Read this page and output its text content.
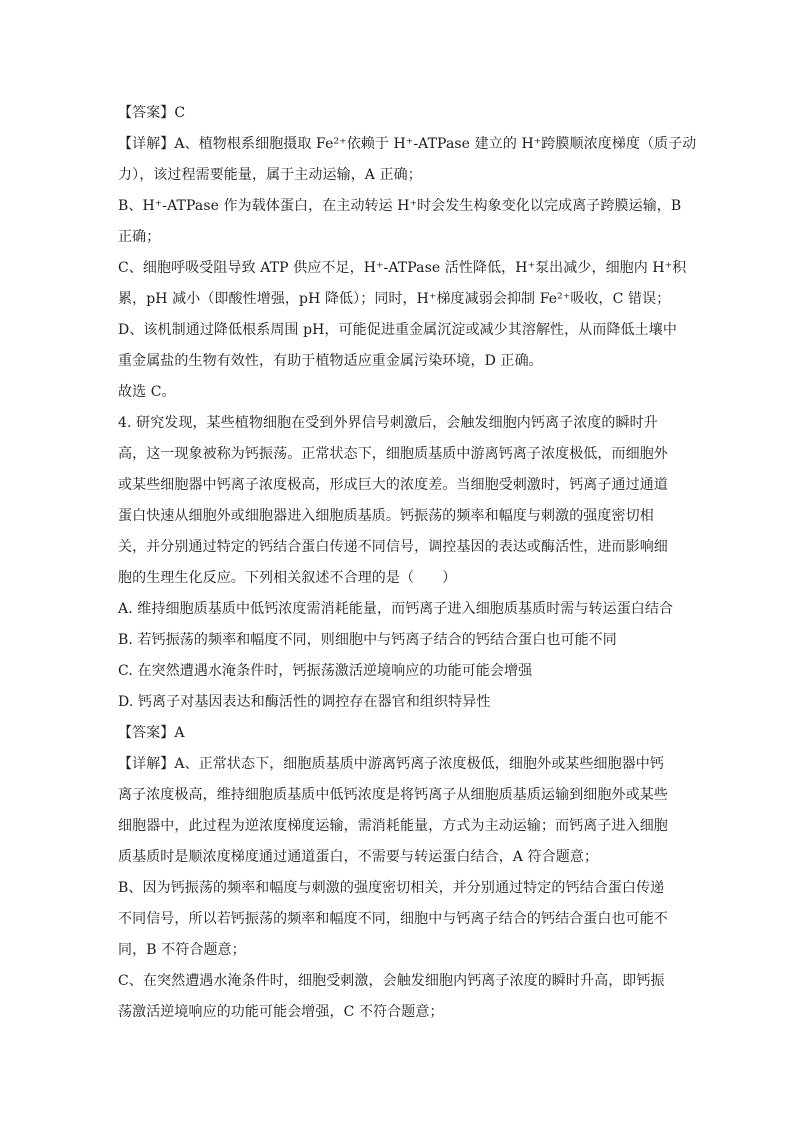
【答案】C
【详解】A、植物根系细胞摄取 Fe²⁺依赖于 H⁺-ATPase 建立的 H⁺跨膜顺浓度梯度（质子动
力），该过程需要能量，属于主动运输，A 正确；
B、H⁺-ATPase 作为载体蛋白，在主动转运 H⁺时会发生构象变化以完成离子跨膜运输，B
正确；
C、细胞呼吸受阻导致 ATP 供应不足，H⁺-ATPase 活性降低，H⁺泵出减少，细胞内 H⁺积
累，pH 减小（即酸性增强，pH 降低）；同时，H⁺梯度减弱会抑制 Fe²⁺吸收，C 错误；
D、该机制通过降低根系周围 pH，可能促进重金属沉淀或减少其溶解性，从而降低土壤中
重金属盐的生物有效性，有助于植物适应重金属污染环境，D 正确。
故选 C。
4. 研究发现，某些植物细胞在受到外界信号刺激后，会触发细胞内钙离子浓度的瞬时升
高，这一现象被称为钙振荡。正常状态下，细胞质基质中游离钙离子浓度极低，而细胞外
或某些细胞器中钙离子浓度极高，形成巨大的浓度差。当细胞受刺激时，钙离子通过通道
蛋白快速从细胞外或细胞器进入细胞质基质。钙振荡的频率和幅度与刺激的强度密切相
关，并分别通过特定的钙结合蛋白传递不同信号，调控基因的表达或酶活性，进而影响细
胞的生理生化反应。下列相关叙述不合理的是（　　）
A. 维持细胞质基质中低钙浓度需消耗能量，而钙离子进入细胞质基质时需与转运蛋白结合
B. 若钙振荡的频率和幅度不同，则细胞中与钙离子结合的钙结合蛋白也可能不同
C. 在突然遭遇水淹条件时，钙振荡激活逆境响应的功能可能会增强
D. 钙离子对基因表达和酶活性的调控存在器官和组织特异性
【答案】A
【详解】A、正常状态下，细胞质基质中游离钙离子浓度极低，细胞外或某些细胞器中钙
离子浓度极高，维持细胞质基质中低钙浓度是将钙离子从细胞质基质运输到细胞外或某些
细胞器中，此过程为逆浓度梯度运输，需消耗能量，方式为主动运输；而钙离子进入细胞
质基质时是顺浓度梯度通过通道蛋白，不需要与转运蛋白结合，A 符合题意；
B、因为钙振荡的频率和幅度与刺激的强度密切相关，并分别通过特定的钙结合蛋白传递
不同信号，所以若钙振荡的频率和幅度不同，细胞中与钙离子结合的钙结合蛋白也可能不
同，B 不符合题意；
C、在突然遭遇水淹条件时，细胞受刺激，会触发细胞内钙离子浓度的瞬时升高，即钙振
荡激活逆境响应的功能可能会增强，C 不符合题意；
